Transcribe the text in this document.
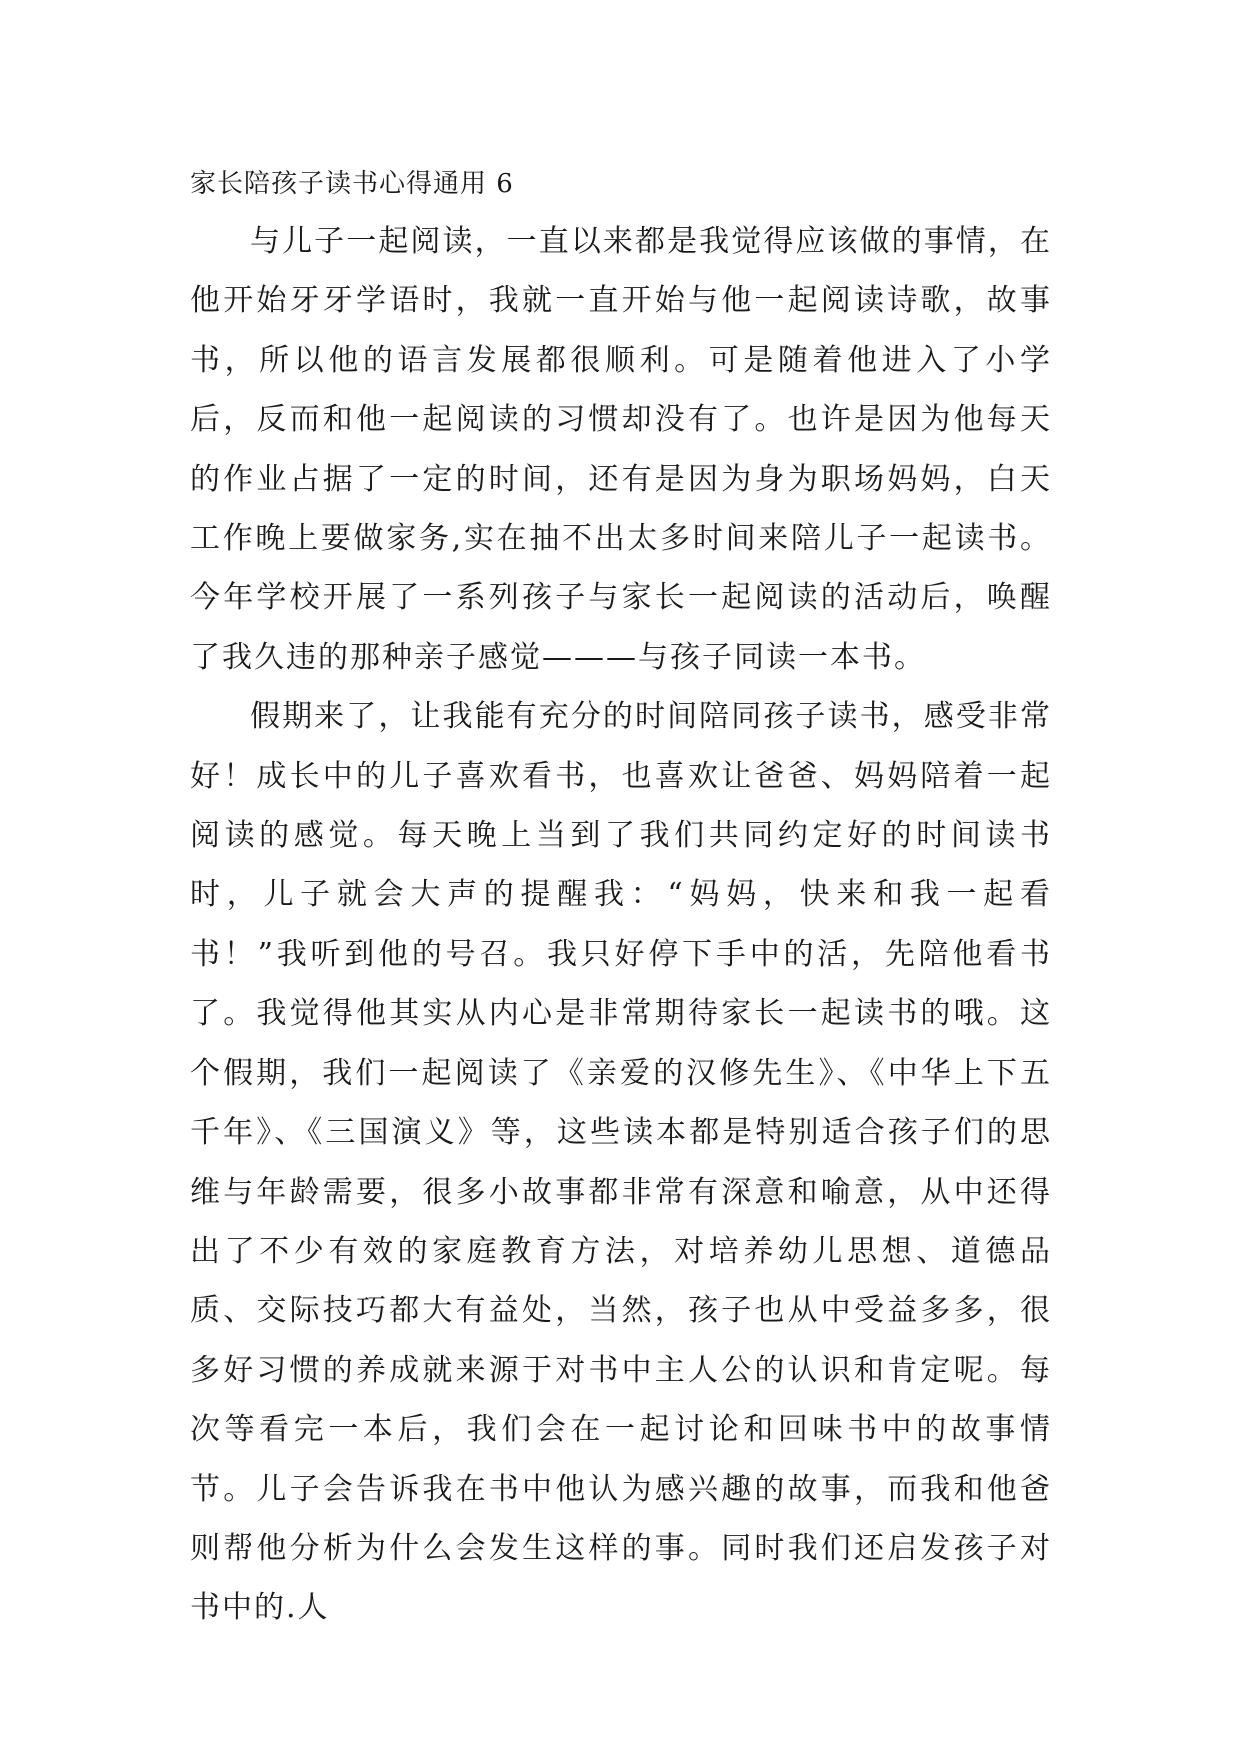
家长陪孩子读书心得通用 6

与儿子一起阅读，一直以来都是我觉得应该做的事情，在他开始牙牙学语时，我就一直开始与他一起阅读诗歌，故事书，所以他的语言发展都很顺利。可是随着他进入了小学后，反而和他一起阅读的习惯却没有了。也许是因为他每天的作业占据了一定的时间，还有是因为身为职场妈妈，白天工作晚上要做家务,实在抽不出太多时间来陪儿子一起读书。今年学校开展了一系列孩子与家长一起阅读的活动后，唤醒了我久违的那种亲子感觉———与孩子同读一本书。

假期来了，让我能有充分的时间陪同孩子读书，感受非常好！成长中的儿子喜欢看书，也喜欢让爸爸、妈妈陪着一起阅读的感觉。每天晚上当到了我们共同约定好的时间读书时，儿子就会大声的提醒我：“妈妈，快来和我一起看书！”我听到他的号召。我只好停下手中的活，先陪他看书了。我觉得他其实从内心是非常期待家长一起读书的哦。这个假期，我们一起阅读了《亲爱的汉修先生》、《中华上下五千年》、《三国演义》等，这些读本都是特别适合孩子们的思维与年龄需要，很多小故事都非常有深意和喻意，从中还得出了不少有效的家庭教育方法，对培养幼儿思想、道德品质、交际技巧都大有益处，当然，孩子也从中受益多多，很多好习惯的养成就来源于对书中主人公的认识和肯定呢。每次等看完一本后，我们会在一起讨论和回味书中的故事情节。儿子会告诉我在书中他认为感兴趣的故事，而我和他爸则帮他分析为什么会发生这样的事。同时我们还启发孩子对书中的.人
